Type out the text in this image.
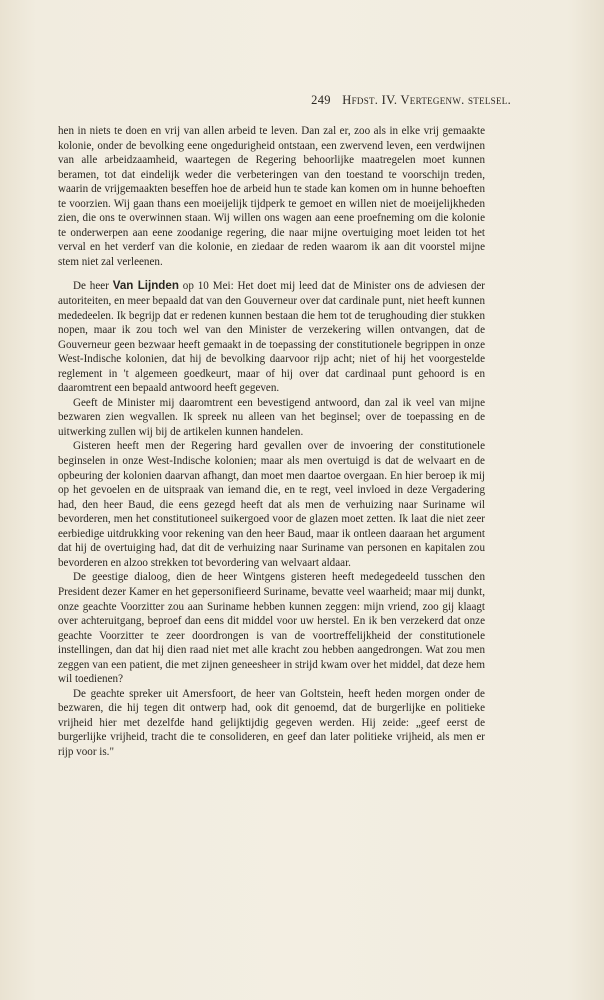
249 Hfdst. IV. Vertegenw. stelsel.

hen in niets te doen en vrij van allen arbeid te leven. Dan zal er, zoo als in elke vrij gemaakte kolonie, onder de bevolking eene ongedurigheid ontstaan, een zwervend leven, een verdwijnen van alle arbeidzaamheid, waartegen de Regering behoorlijke maatregelen moet kunnen beramen, tot dat eindelijk weder die verbeteringen van den toestand te voorschijn treden, waarin de vrijgemaakten beseffen hoe de arbeid hun te stade kan komen om in hunne behoeften te voorzien. Wij gaan thans een moeijelijk tijdperk te gemoet en willen niet de moeijelijkheden zien, die ons te overwinnen staan. Wij willen ons wagen aan eene proefneming om die kolonie te onderwerpen aan eene zoodanige regering, die naar mijne overtuiging moet leiden tot het verval en het verderf van die kolonie, en ziedaar de reden waarom ik aan dit voorstel mijne stem niet zal verleenen.

De heer Van Lijnden op 10 Mei: Het doet mij leed dat de Minister ons de adviesen der autoriteiten, en meer bepaald dat van den Gouverneur over dat cardinale punt, niet heeft kunnen mededeelen. Ik begrijp dat er redenen kunnen bestaan die hem tot de terughouding dier stukken nopen, maar ik zou toch wel van den Minister de verzekering willen ontvangen, dat de Gouverneur geen bezwaar heeft gemaakt in de toepassing der constitutionele begrippen in onze West-Indische kolonien, dat hij de bevolking daarvoor rijp acht; niet of hij het voorgestelde reglement in 't algemeen goedkeurt, maar of hij over dat cardinaal punt gehoord is en daaromtrent een bepaald antwoord heeft gegeven.

Geeft de Minister mij daaromtrent een bevestigend antwoord, dan zal ik veel van mijne bezwaren zien wegvallen. Ik spreek nu alleen van het beginsel; over de toepassing en de uitwerking zullen wij bij de artikelen kunnen handelen.

Gisteren heeft men der Regering hard gevallen over de invoering der constitutionele beginselen in onze West-Indische kolonien; maar als men overtuigd is dat de welvaart en de opbeuring der kolonien daarvan afhangt, dan moet men daartoe overgaan. En hier beroep ik mij op het gevoelen en de uitspraak van iemand die, en te regt, veel invloed in deze Vergadering had, den heer Baud, die eens gezegd heeft dat als men de verhuizing naar Suriname wil bevorderen, men het constitutioneel suikergoed voor de glazen moet zetten. Ik laat die niet zeer eerbiedige uitdrukking voor rekening van den heer Baud, maar ik ontleen daaraan het argument dat hij de overtuiging had, dat dit de verhuizing naar Suriname van personen en kapitalen zou bevorderen en alzoo strekken tot bevordering van welvaart aldaar.

De geestige dialoog, dien de heer Wintgens gisteren heeft medegedeeld tusschen den President dezer Kamer en het gepersonifieerd Suriname, bevatte veel waarheid; maar mij dunkt, onze geachte Voorzitter zou aan Suriname hebben kunnen zeggen: mijn vriend, zoo gij klaagt over achteruitgang, beproef dan eens dit middel voor uw herstel. En ik ben verzekerd dat onze geachte Voorzitter te zeer doordrongen is van de voortreffelijkheid der constitutionele instellingen, dan dat hij dien raad niet met alle kracht zou hebben aangedrongen. Wat zou men zeggen van een patient, die met zijnen geneesheer in strijd kwam over het middel, dat deze hem wil toedienen?

De geachte spreker uit Amersfoort, de heer van Goltstein, heeft heden morgen onder de bezwaren, die hij tegen dit ontwerp had, ook dit genoemd, dat de burgerlijke en politieke vrijheid hier met dezelfde hand gelijktijdig gegeven werden. Hij zeide: „geef eerst de burgerlijke vrijheid, tracht die te consolideren, en geef dan later politieke vrijheid, als men er rijp voor is."
